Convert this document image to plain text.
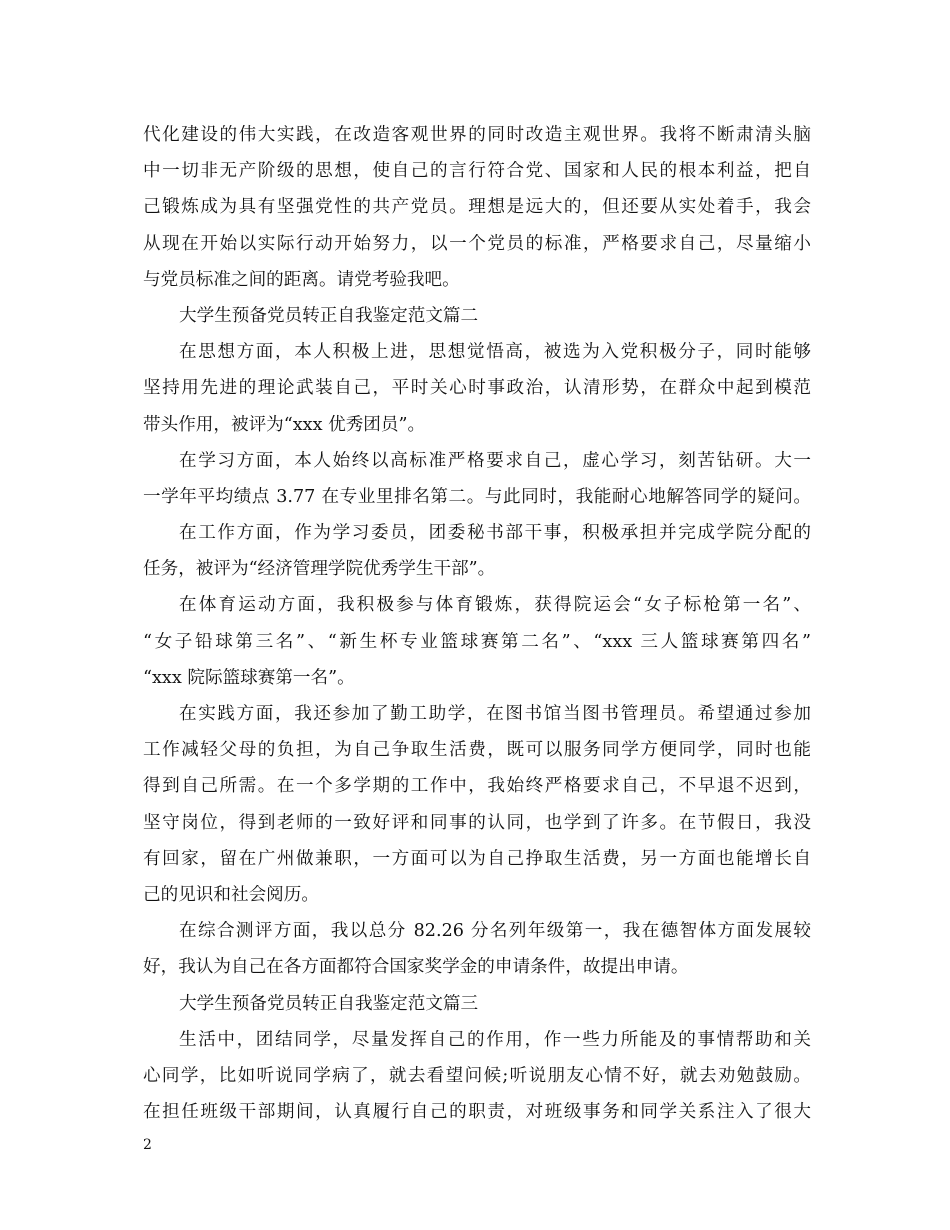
代化建设的伟大实践，在改造客观世界的同时改造主观世界。我将不断肃清头脑
中一切非无产阶级的思想，使自己的言行符合党、国家和人民的根本利益，把自
己锻炼成为具有坚强党性的共产党员。理想是远大的，但还要从实处着手，我会
从现在开始以实际行动开始努力，以一个党员的标准，严格要求自己，尽量缩小
与党员标准之间的距离。请党考验我吧。
大学生预备党员转正自我鉴定范文篇二
在思想方面，本人积极上进，思想觉悟高，被选为入党积极分子，同时能够
坚持用先进的理论武装自己，平时关心时事政治，认清形势，在群众中起到模范
带头作用，被评为“xxx 优秀团员”。
在学习方面，本人始终以高标准严格要求自己，虚心学习，刻苦钻研。大一
一学年平均绩点 3.77 在专业里排名第二。与此同时，我能耐心地解答同学的疑问。
在工作方面，作为学习委员，团委秘书部干事，积极承担并完成学院分配的
任务，被评为“经济管理学院优秀学生干部”。
在体育运动方面，我积极参与体育锻炼，获得院运会“女子标枪第一名”、
“女子铅球第三名”、“新生杯专业篮球赛第二名”、“xxx 三人篮球赛第四名”
“xxx 院际篮球赛第一名”。
在实践方面，我还参加了勤工助学，在图书馆当图书管理员。希望通过参加
工作减轻父母的负担，为自己争取生活费，既可以服务同学方便同学，同时也能
得到自己所需。在一个多学期的工作中，我始终严格要求自己，不早退不迟到，
坚守岗位，得到老师的一致好评和同事的认同，也学到了许多。在节假日，我没
有回家，留在广州做兼职，一方面可以为自己挣取生活费，另一方面也能增长自
己的见识和社会阅历。
在综合测评方面，我以总分 82.26 分名列年级第一，我在德智体方面发展较
好，我认为自己在各方面都符合国家奖学金的申请条件，故提出申请。
大学生预备党员转正自我鉴定范文篇三
生活中，团结同学，尽量发挥自己的作用，作一些力所能及的事情帮助和关
心同学，比如听说同学病了，就去看望问候;听说朋友心情不好，就去劝勉鼓励。
在担任班级干部期间，认真履行自己的职责，对班级事务和同学关系注入了很大
2
